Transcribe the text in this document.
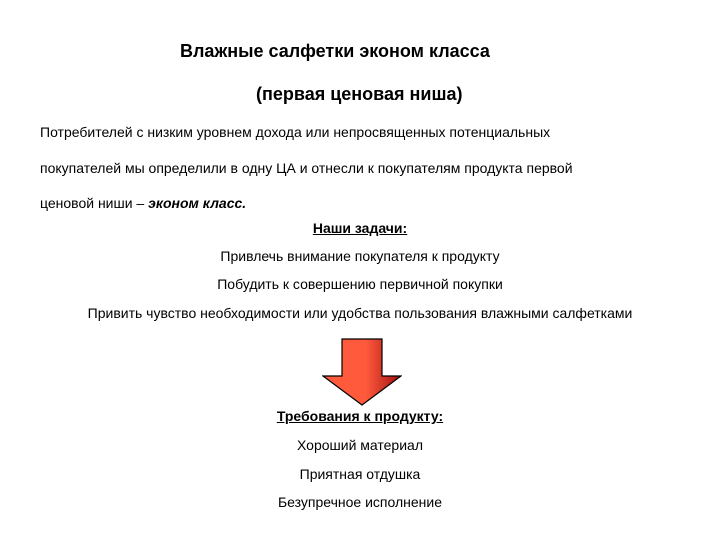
Влажные салфетки эконом класса
(первая ценовая ниша)
Потребителей с низким уровнем дохода или непросвященных потенциальных
покупателей мы определили в одну ЦА и отнесли к покупателям продукта первой
ценовой ниши – эконом класс.
Наши задачи:
Привлечь внимание покупателя к продукту
Побудить к совершению первичной покупки
Привить чувство необходимости или удобства пользования влажными салфетками
Требования к продукту:
Хороший материал
Приятная отдушка
Безупречное исполнение
